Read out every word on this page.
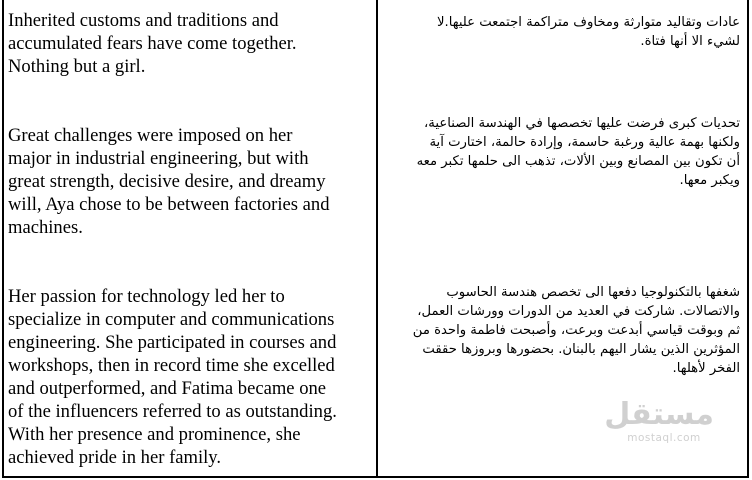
Inherited customs and traditions and
accumulated fears have come together.
Nothing but a girl.
عادات وتقاليد متوارثة ومخاوف متراكمة اجتمعت عليها.لا
لشيء الا أنها فتاة.
Great challenges were imposed on her
major in industrial engineering, but with
great strength, decisive desire, and dreamy
will, Aya chose to be between factories and
machines.
تحديات كبرى فرضت عليها تخصصها في الهندسة الصناعية،
ولكنها بهمة عالية ورغبة حاسمة، وإرادة حالمة، اختارت آية
أن تكون بين المصانع وبين الألات، تذهب الى حلمها تكبر معه
ويكبر معها.
Her passion for technology led her to
specialize in computer and communications
engineering. She participated in courses and
workshops, then in record time she excelled
and outperformed, and Fatima became one
of the influencers referred to as outstanding.
With her presence and prominence, she
achieved pride in her family.
شغفها بالتكنولوجيا دفعها الى تخصص هندسة الحاسوب
والاتصالات. شاركت في العديد من الدورات وورشات العمل،
ثم وبوقت قياسي أبدعت وبرعت، وأصبحت فاطمة واحدة من
المؤثرين الذين يشار اليهم بالبنان. بحضورها وبروزها حققت
الفخر لأهلها.
مستقل
mostaql.com
